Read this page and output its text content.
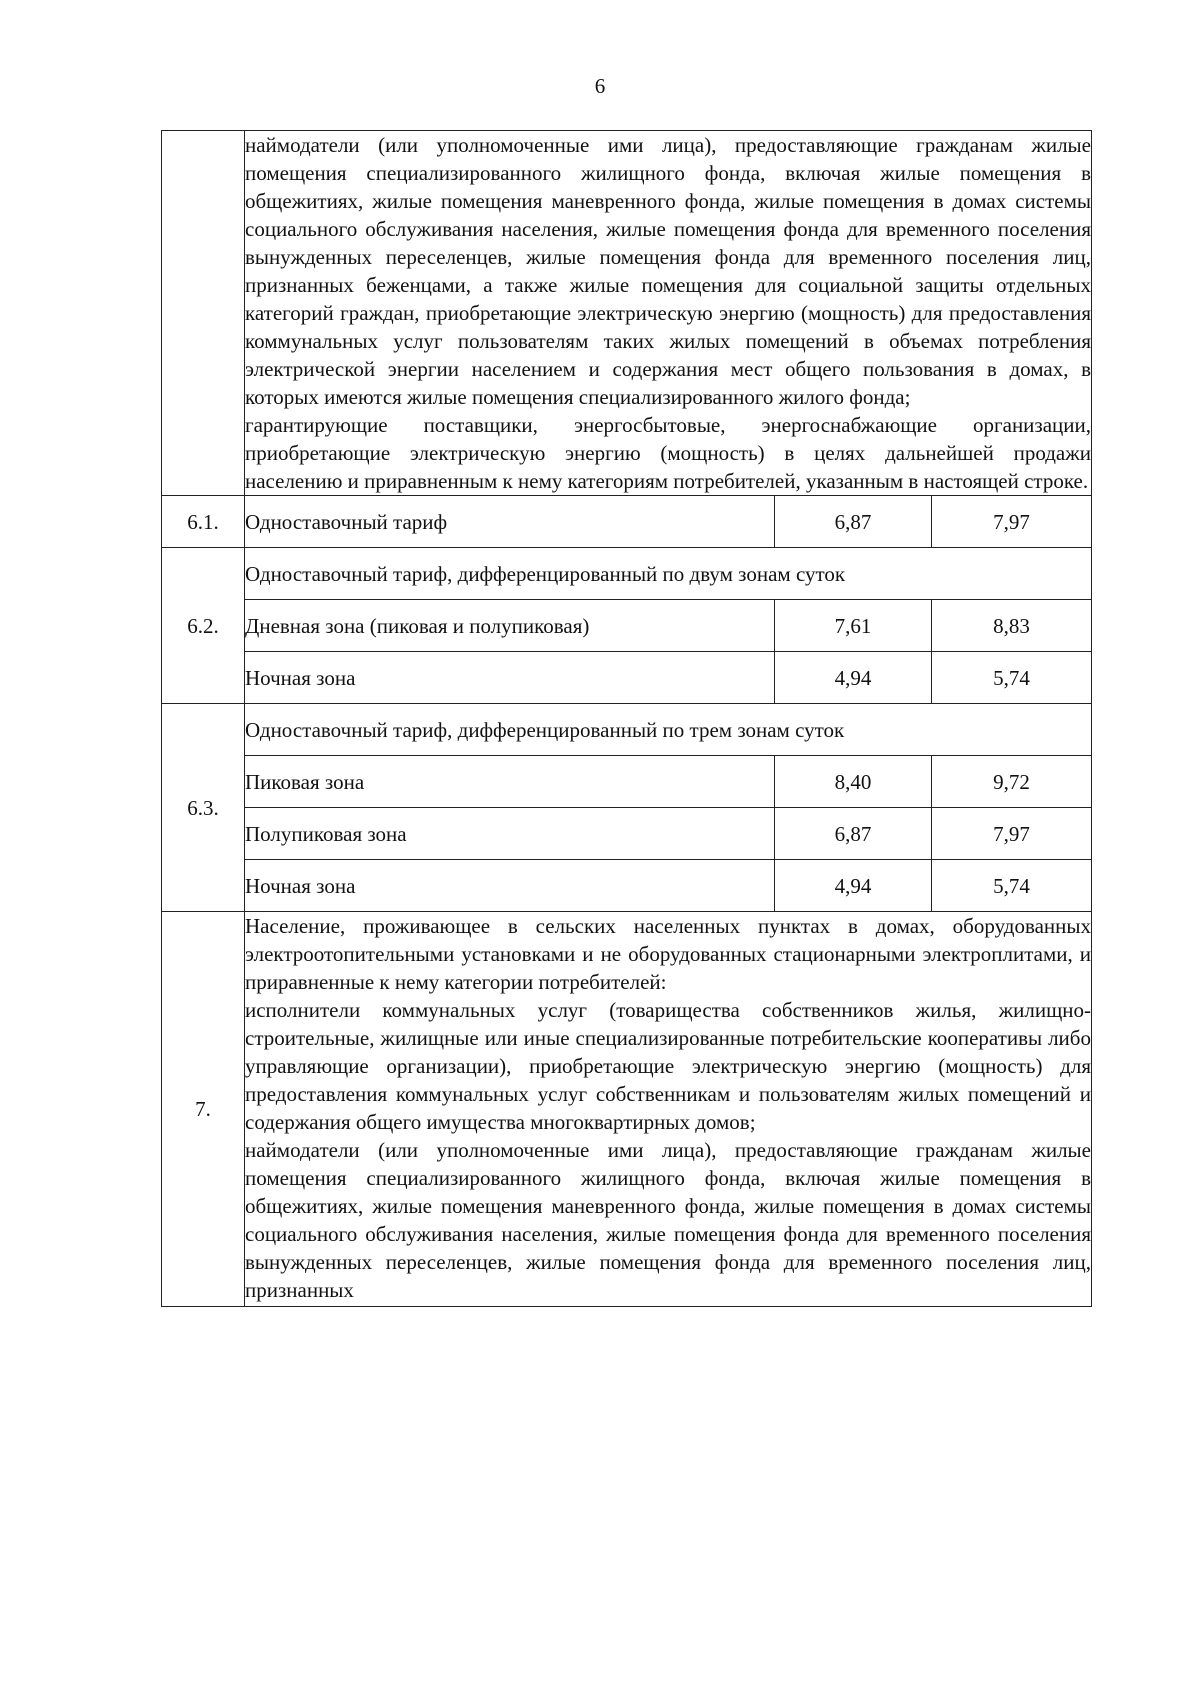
6

	наймодатели (или уполномоченные ими лица), предоставляющие гражданам жилые помещения специализированного жилищного фонда, включая жилые помещения в общежитиях, жилые помещения маневренного фонда, жилые помещения в домах системы социального обслуживания населения, жилые помещения фонда для временного поселения вынужденных переселенцев, жилые помещения фонда для временного поселения лиц, признанных беженцами, а также жилые помещения для социальной защиты отдельных категорий граждан, приобретающие электрическую энергию (мощность) для предоставления коммунальных услуг пользователям таких жилых помещений в объемах потребления электрической энергии населением и содержания мест общего пользования в домах, в которых имеются жилые помещения специализированного жилого фонда;

гарантирующие поставщики, энергосбытовые, энергоснабжающие организации, приобретающие электрическую энергию (мощность) в целях дальнейшей продажи населению и приравненным к нему категориям потребителей, указанным в настоящей строке.		

6.1.	Одноставочный тариф	6,87	7,97
6.2.	Одноставочный тариф, дифференцированный по двум зонам суток		
	Дневная зона (пиковая и полупиковая)	7,61	8,83
	Ночная зона	4,94	5,74
6.3.	Одноставочный тариф, дифференцированный по трем зонам суток		
	Пиковая зона	8,40	9,72
	Полупиковая зона	6,87	7,97
	Ночная зона	4,94	5,74
7.	Население, проживающее в сельских населенных пунктах в домах, оборудованных электроотопительными установками и не оборудованных стационарными электроплитами, и приравненные к нему категории потребителей:

исполнители коммунальных услуг (товарищества собственников жилья, жилищно-строительные, жилищные или иные специализированные потребительские кооперативы либо управляющие организации), приобретающие электрическую энергию (мощность) для предоставления коммунальных услуг собственникам и пользователям жилых помещений и содержания общего имущества многоквартирных домов;

наймодатели (или уполномоченные ими лица), предоставляющие гражданам жилые помещения специализированного жилищного фонда, включая жилые помещения в общежитиях, жилые помещения маневренного фонда, жилые помещения в домах системы социального обслуживания населения, жилые помещения фонда для временного поселения вынужденных переселенцев, жилые помещения фонда для временного поселения лиц, признанных		
